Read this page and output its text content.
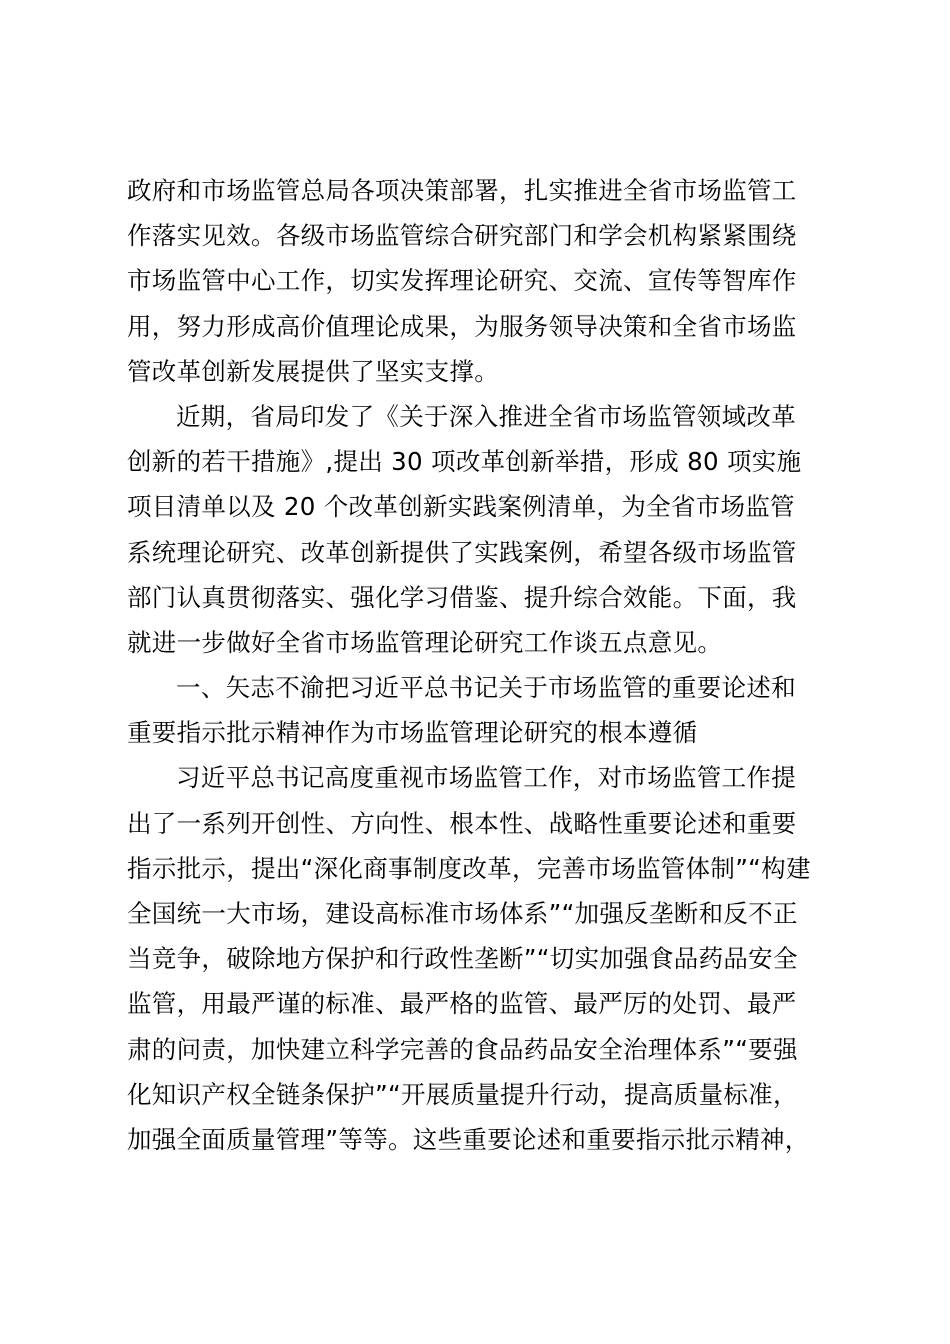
政府和市场监管总局各项决策部署，扎实推进全省市场监管工
作落实见效。各级市场监管综合研究部门和学会机构紧紧围绕
市场监管中心工作，切实发挥理论研究、交流、宣传等智库作
用，努力形成高价值理论成果，为服务领导决策和全省市场监
管改革创新发展提供了坚实支撑。
近期，省局印发了《关于深入推进全省市场监管领域改革
创新的若干措施》,提出 30 项改革创新举措，形成 80 项实施
项目清单以及 20 个改革创新实践案例清单，为全省市场监管
系统理论研究、改革创新提供了实践案例，希望各级市场监管
部门认真贯彻落实、强化学习借鉴、提升综合效能。下面，我
就进一步做好全省市场监管理论研究工作谈五点意见。
一、矢志不渝把习近平总书记关于市场监管的重要论述和
重要指示批示精神作为市场监管理论研究的根本遵循
习近平总书记高度重视市场监管工作，对市场监管工作提
出了一系列开创性、方向性、根本性、战略性重要论述和重要
指示批示，提出“深化商事制度改革，完善市场监管体制”“构建
全国统一大市场，建设高标准市场体系”“加强反垄断和反不正
当竞争，破除地方保护和行政性垄断”“切实加强食品药品安全
监管，用最严谨的标准、最严格的监管、最严厉的处罚、最严
肃的问责，加快建立科学完善的食品药品安全治理体系”“要强
化知识产权全链条保护”“开展质量提升行动，提高质量标准，
加强全面质量管理”等等。这些重要论述和重要指示批示精神，
